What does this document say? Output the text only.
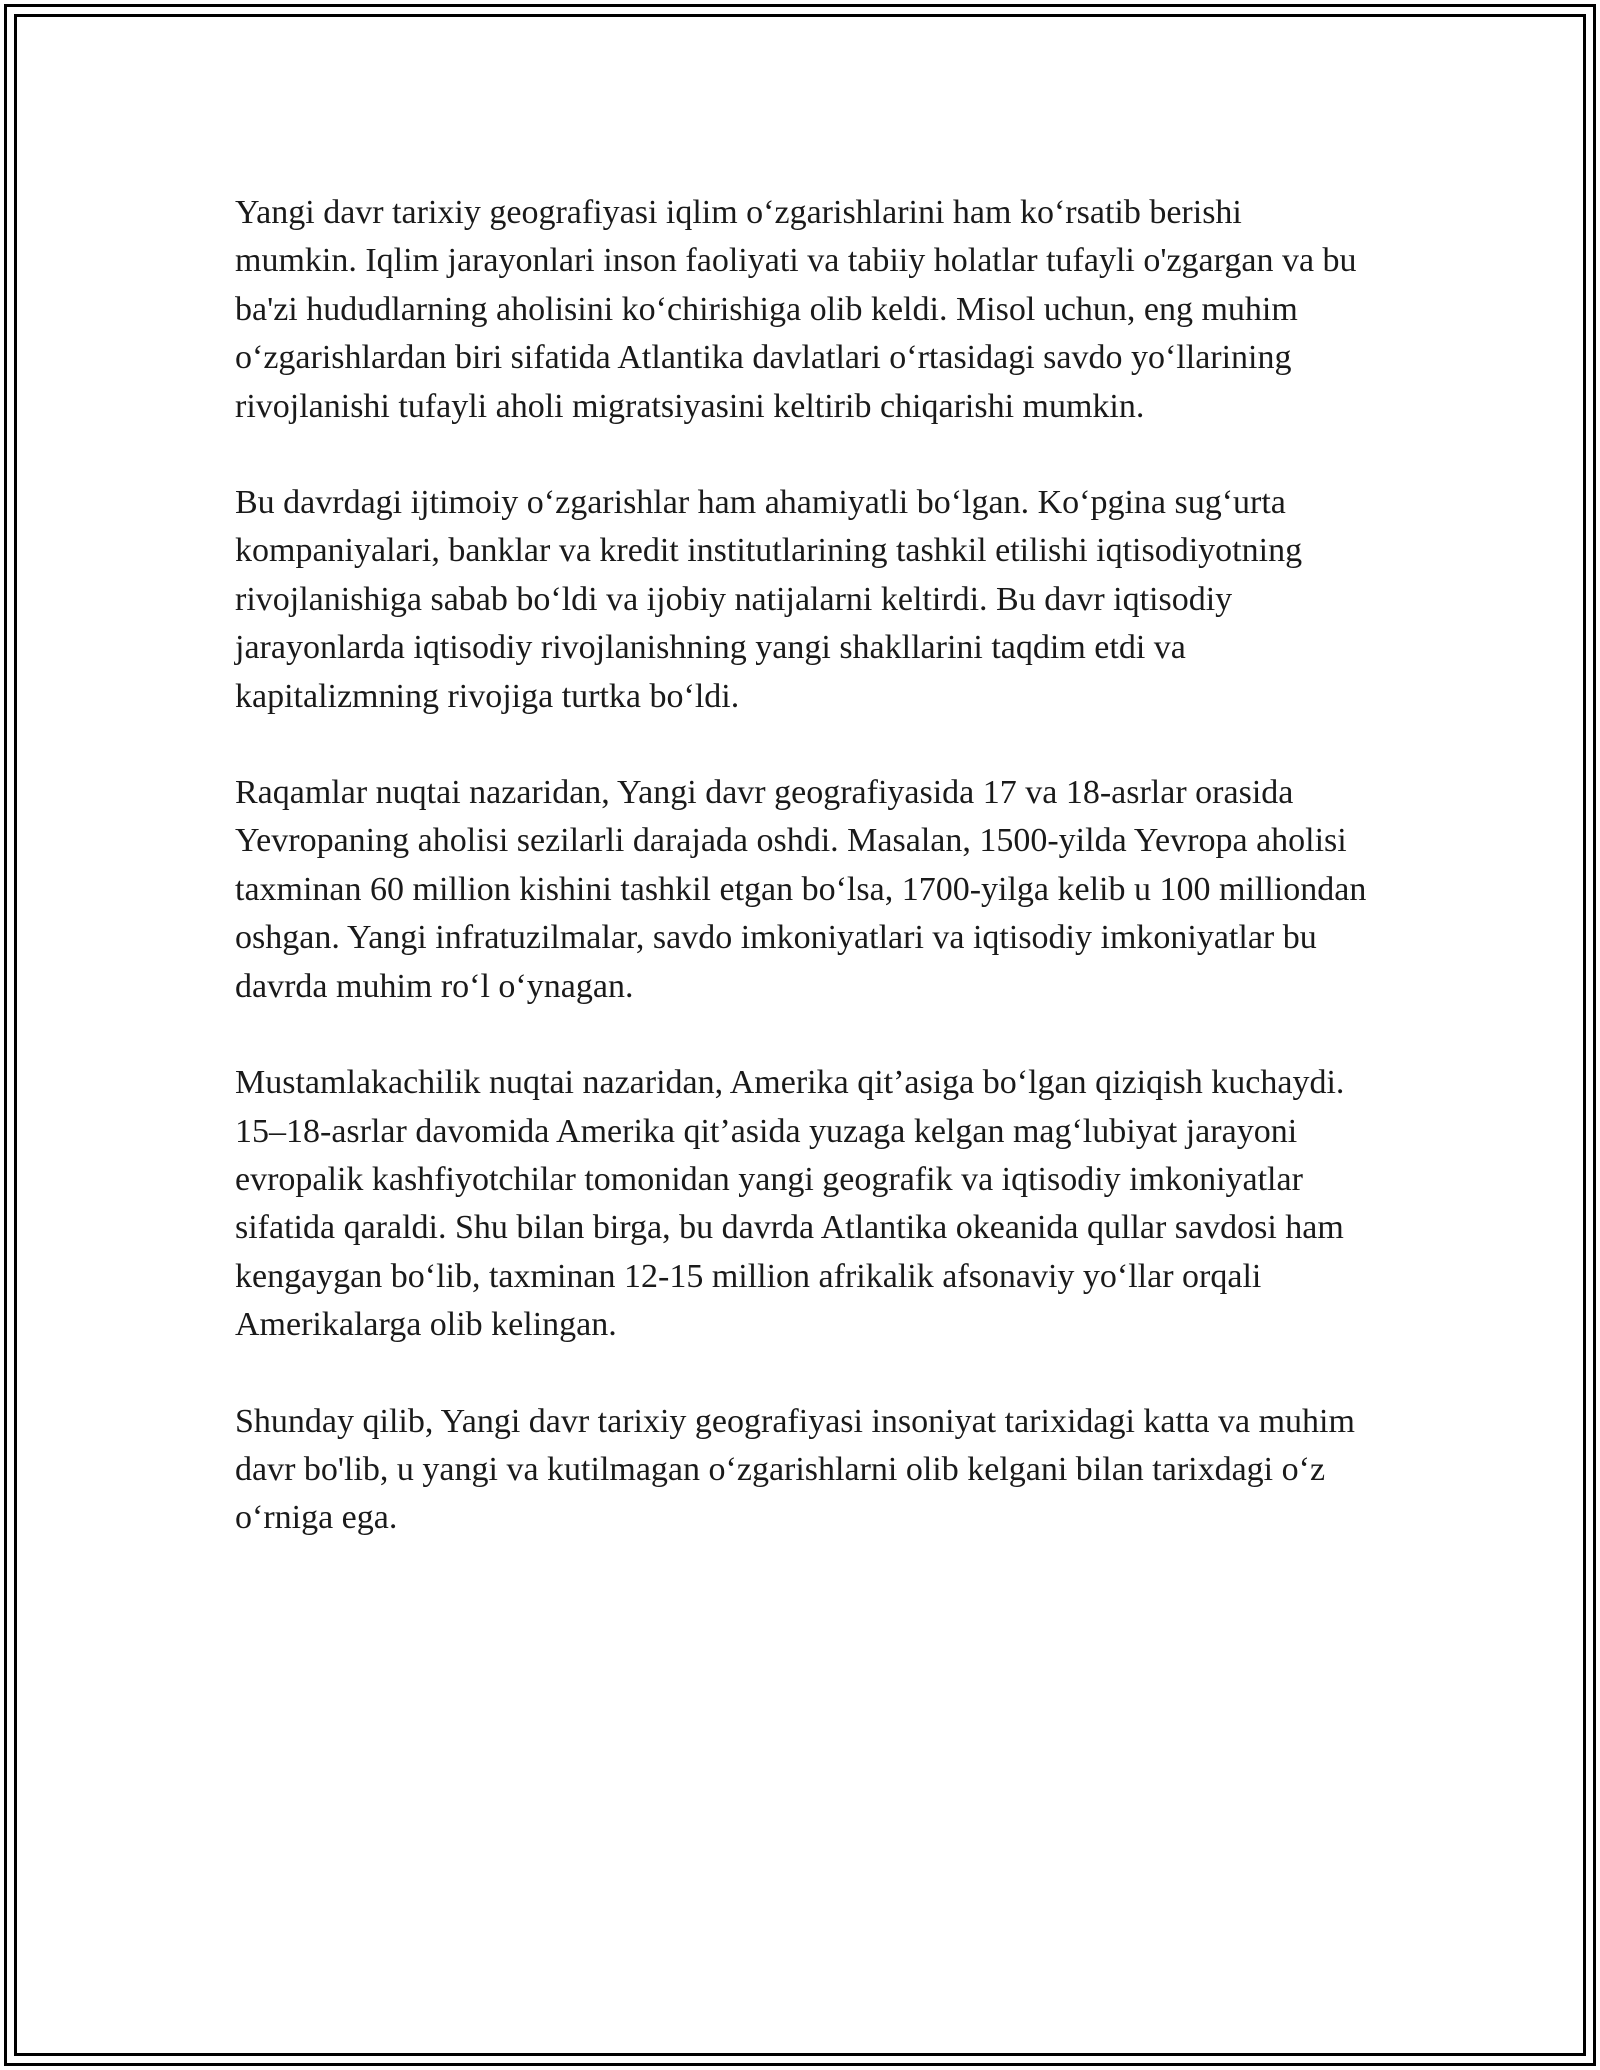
Yangi davr tarixiy geografiyasi iqlim o‘zgarishlarini ham ko‘rsatib berishi mumkin. Iqlim jarayonlari inson faoliyati va tabiiy holatlar tufayli o'zgargan va bu ba'zi hududlarning aholisini ko‘chirishiga olib keldi. Misol uchun, eng muhim o‘zgarishlardan biri sifatida Atlantika davlatlari o‘rtasidagi savdo yo‘llarining rivojlanishi tufayli aholi migratsiyasini keltirib chiqarishi mumkin.

Bu davrdagi ijtimoiy o‘zgarishlar ham ahamiyatli bo‘lgan. Ko‘pgina sug‘urta kompaniyalari, banklar va kredit institutlarining tashkil etilishi iqtisodiyotning rivojlanishiga sabab bo‘ldi va ijobiy natijalarni keltirdi. Bu davr iqtisodiy jarayonlarda iqtisodiy rivojlanishning yangi shakllarini taqdim etdi va kapitalizmning rivojiga turtka bo‘ldi.

Raqamlar nuqtai nazaridan, Yangi davr geografiyasida 17 va 18-asrlar orasida Yevropaning aholisi sezilarli darajada oshdi. Masalan, 1500-yilda Yevropa aholisi taxminan 60 million kishini tashkil etgan bo‘lsa, 1700-yilga kelib u 100 milliondan oshgan. Yangi infratuzilmalar, savdo imkoniyatlari va iqtisodiy imkoniyatlar bu davrda muhim ro‘l o‘ynagan.

Mustamlakachilik nuqtai nazaridan, Amerika qit’asiga bo‘lgan qiziqish kuchaydi. 15–18-asrlar davomida Amerika qit’asida yuzaga kelgan mag‘lubiyat jarayoni evropalik kashfiyotchilar tomonidan yangi geografik va iqtisodiy imkoniyatlar sifatida qaraldi. Shu bilan birga, bu davrda Atlantika okeanida qullar savdosi ham kengaygan bo‘lib, taxminan 12-15 million afrikalik afsonaviy yo‘llar orqali Amerikalarga olib kelingan.

Shunday qilib, Yangi davr tarixiy geografiyasi insoniyat tarixidagi katta va muhim davr bo'lib, u yangi va kutilmagan o‘zgarishlarni olib kelgani bilan tarixdagi o‘z o‘rniga ega.
